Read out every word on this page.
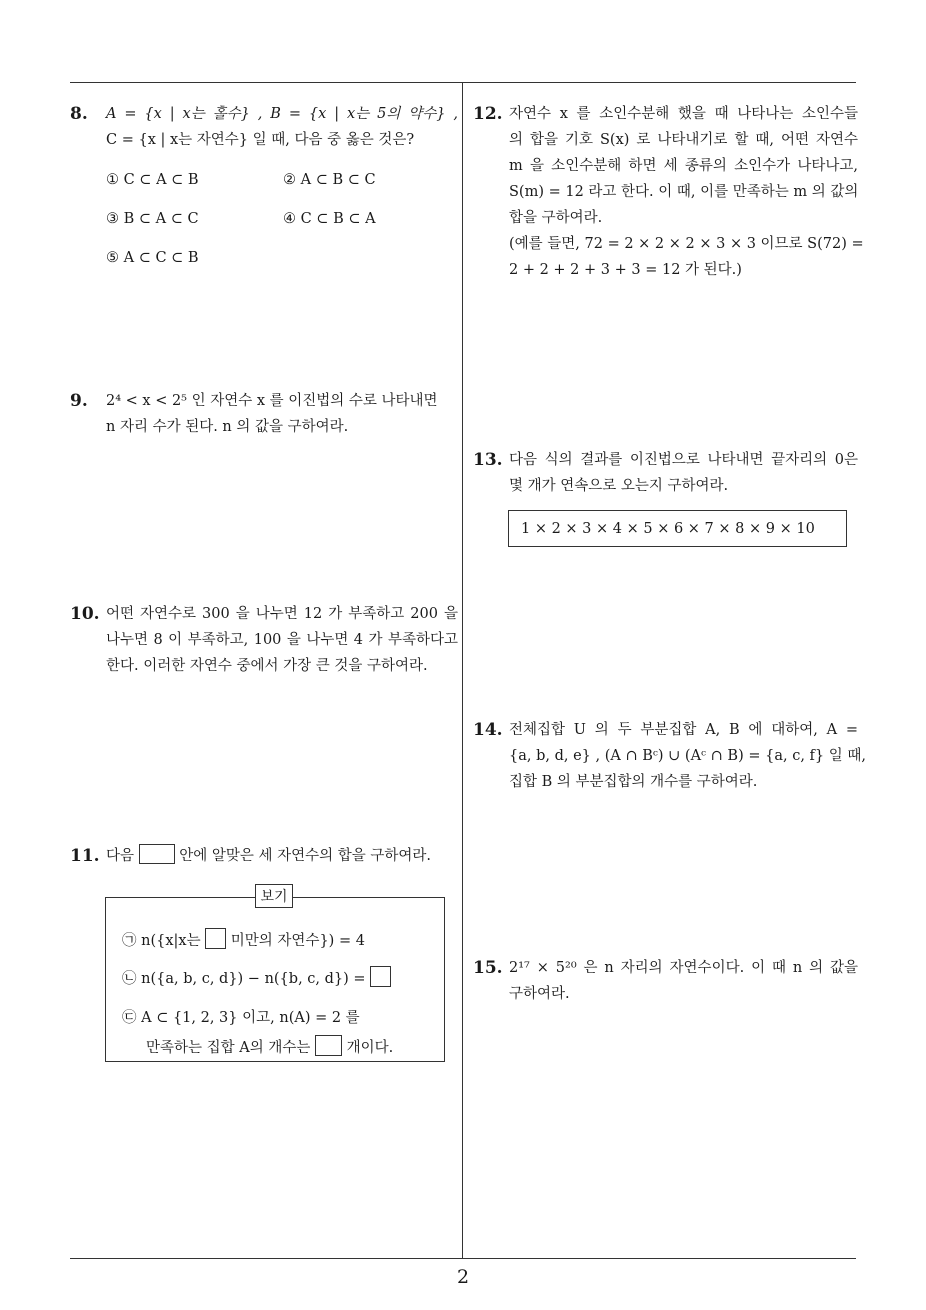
8. A = {x | x는 홀수} , B = {x | x는 5의 약수} ,
C = {x | x는 자연수} 일 때, 다음 중 옳은 것은?
① C ⊂ A ⊂ B	② A ⊂ B ⊂ C
③ B ⊂ A ⊂ C	④ C ⊂ B ⊂ A
⑤ A ⊂ C ⊂ B
9. 2⁴ < x < 2⁵ 인 자연수 x 를 이진법의 수로 나타내면
n 자리 수가 된다. n 의 값을 구하여라.
10. 어떤 자연수로 300 을 나누면 12 가 부족하고 200 을
나누면 8 이 부족하고, 100 을 나누면 4 가 부족하다고
한다. 이러한 자연수 중에서 가장 큰 것을 구하여라.
11. 다음	안에 알맞은 세 자연수의 합을 구하여라.
보기
㉠ n({x|x는 미만의 자연수}) = 4
㉡ n({a, b, c, d}) − n({b, c, d}) =
㉢ A ⊂ {1, 2, 3} 이고, n(A) = 2 를
만족하는 집합 A의 개수는 개이다.
12. 자연수 x 를 소인수분해 했을 때 나타나는 소인수들
의 합을 기호 S(x) 로 나타내기로 할 때, 어떤 자연수
m 을 소인수분해 하면 세 종류의 소인수가 나타나고,
S(m) = 12 라고 한다. 이 때, 이를 만족하는 m 의 값의
합을 구하여라.
(예를 들면, 72 = 2 × 2 × 2 × 3 × 3 이므로 S(72) =
2 + 2 + 2 + 3 + 3 = 12 가 된다.)
13. 다음 식의 결과를 이진법으로 나타내면 끝자리의 0은
몇 개가 연속으로 오는지 구하여라.
1 × 2 × 3 × 4 × 5 × 6 × 7 × 8 × 9 × 10
14. 전체집합 U 의 두 부분집합 A, B 에 대하여, A =
{a, b, d, e} , (A ∩ Bᶜ) ∪ (Aᶜ ∩ B) = {a, c, f} 일 때,
집합 B 의 부분집합의 개수를 구하여라.
15. 2¹⁷ × 5²⁰ 은 n 자리의 자연수이다. 이 때 n 의 값을
구하여라.
2
